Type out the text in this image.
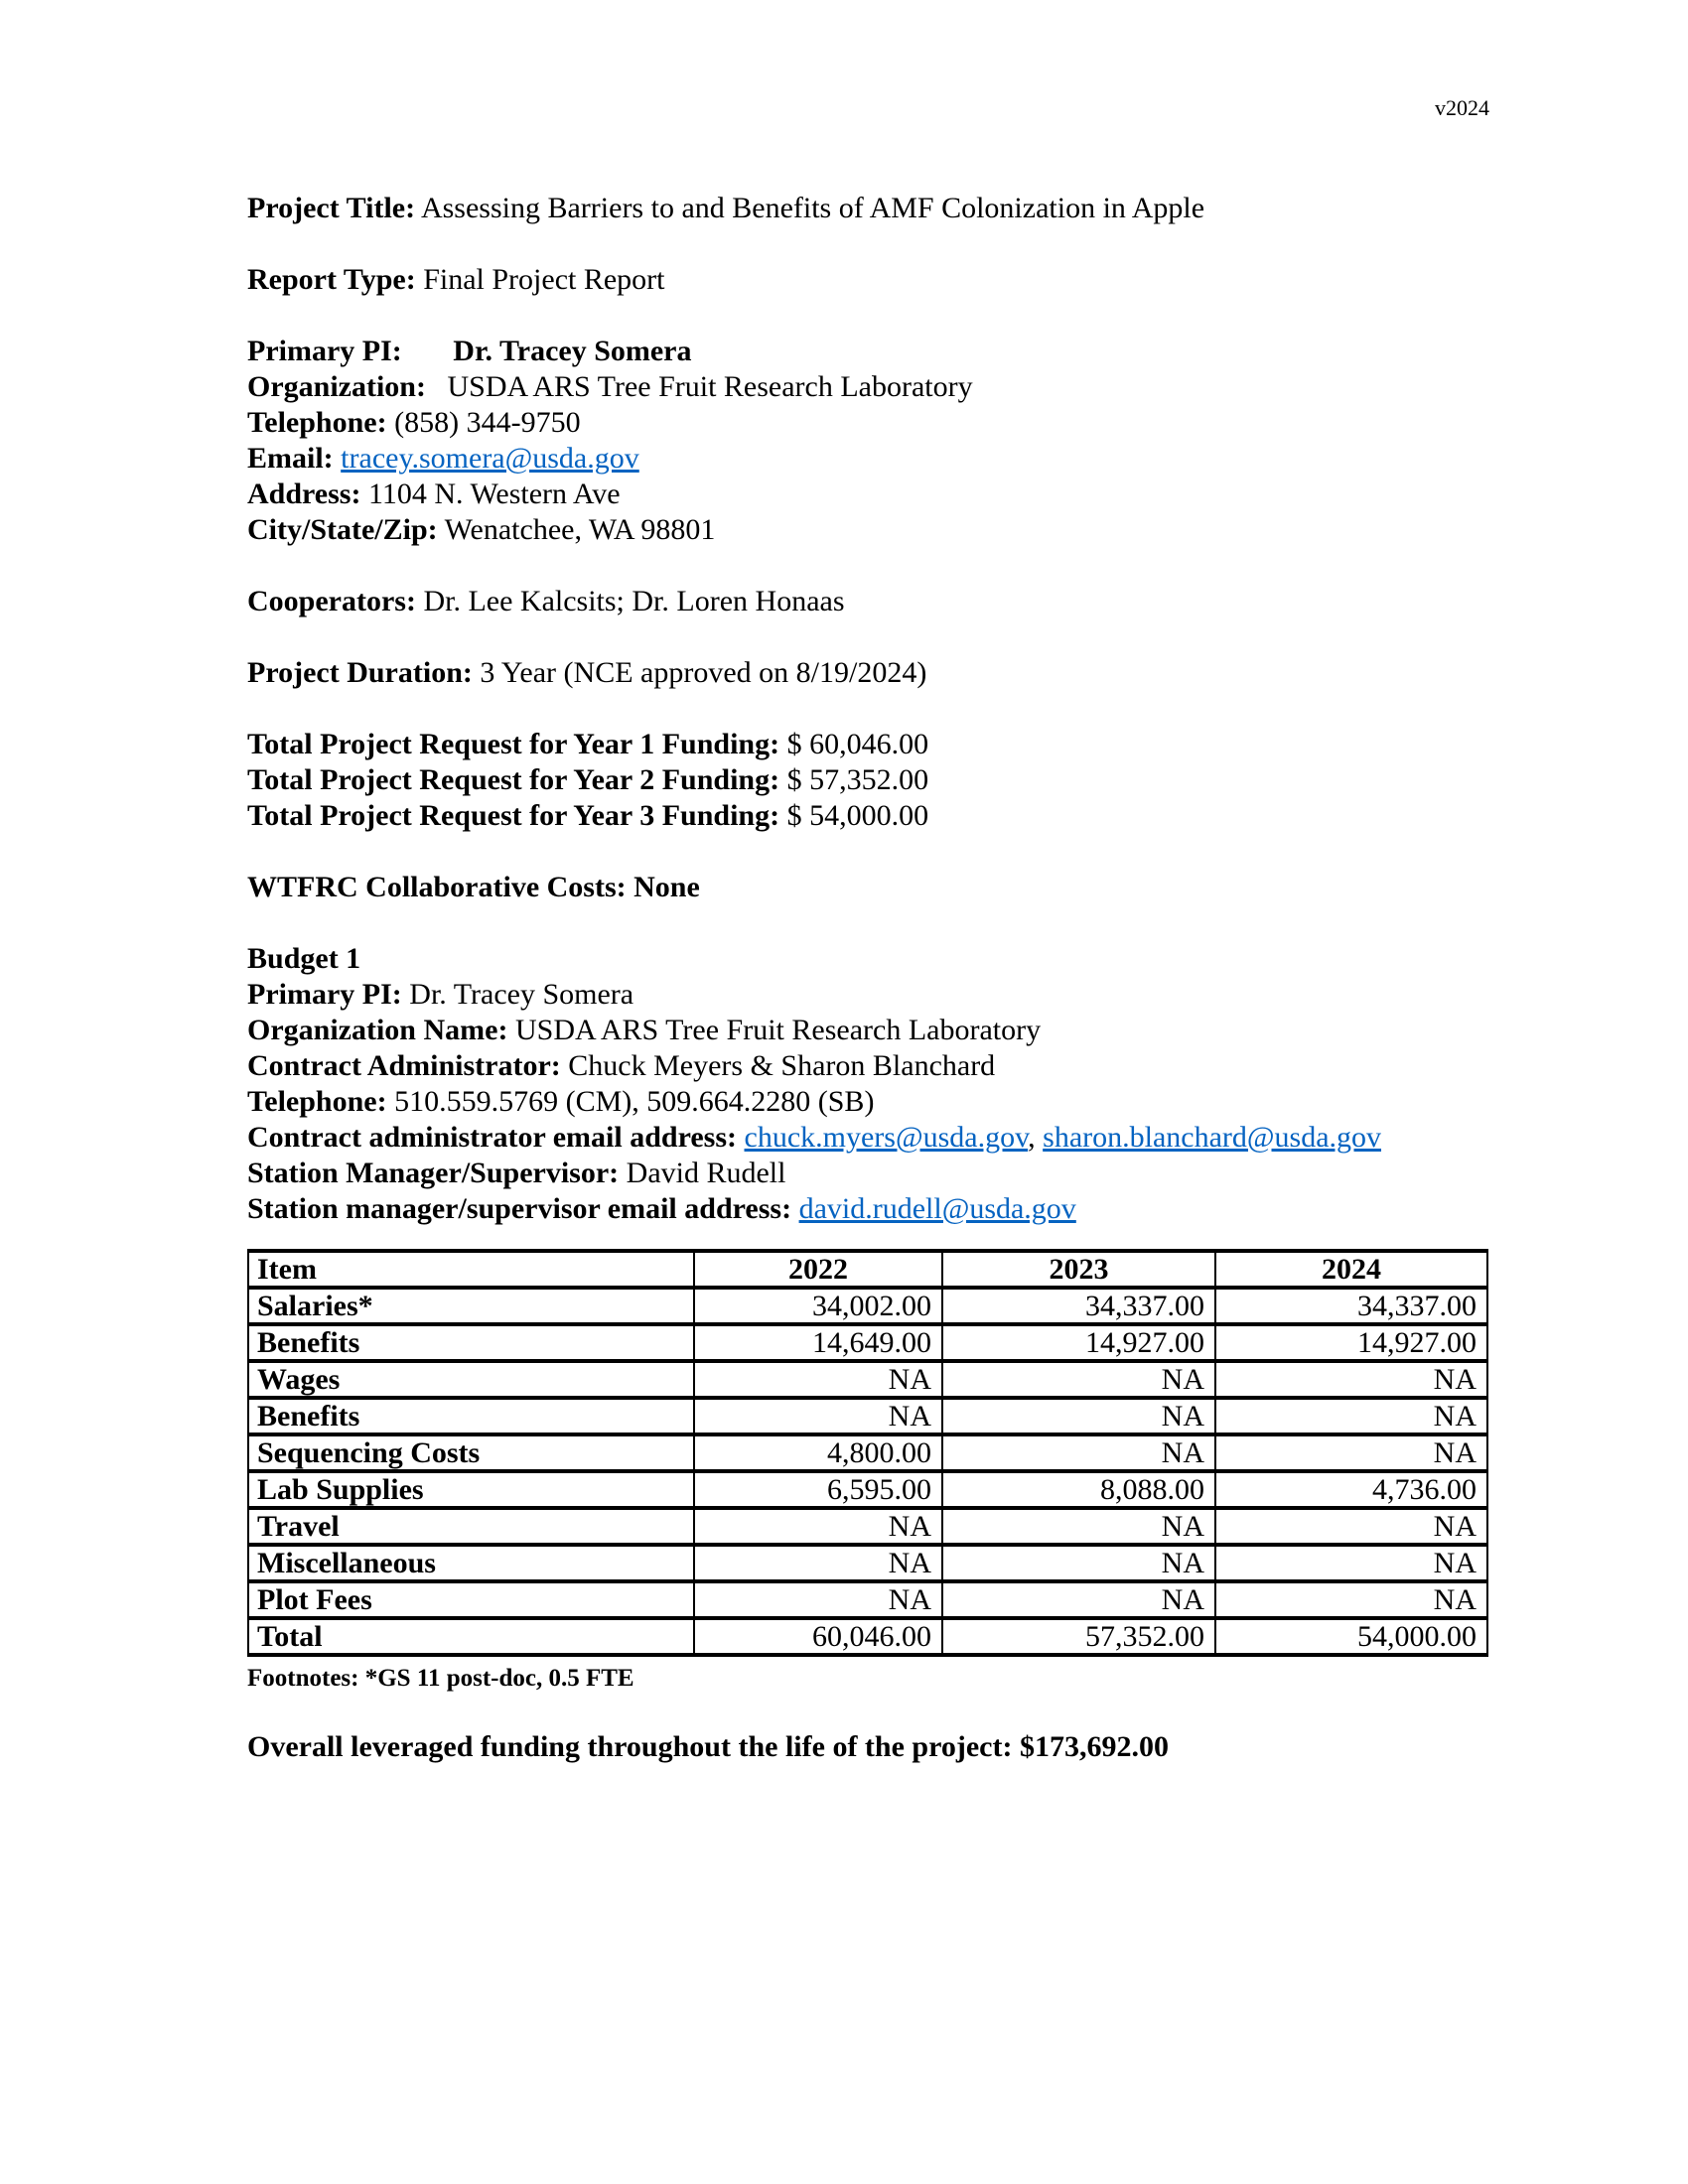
v2024
Project Title: Assessing Barriers to and Benefits of AMF Colonization in Apple
Report Type: Final Project Report
Primary PI: Dr. Tracey Somera
Organization: USDA ARS Tree Fruit Research Laboratory
Telephone: (858) 344-9750
Email: tracey.somera@usda.gov
Address: 1104 N. Western Ave
City/State/Zip: Wenatchee, WA 98801
Cooperators: Dr. Lee Kalcsits; Dr. Loren Honaas
Project Duration: 3 Year (NCE approved on 8/19/2024)
Total Project Request for Year 1 Funding: $ 60,046.00
Total Project Request for Year 2 Funding: $ 57,352.00
Total Project Request for Year 3 Funding: $ 54,000.00
WTFRC Collaborative Costs: None
Budget 1
Primary PI: Dr. Tracey Somera
Organization Name: USDA ARS Tree Fruit Research Laboratory
Contract Administrator: Chuck Meyers & Sharon Blanchard
Telephone: 510.559.5769 (CM), 509.664.2280 (SB)
Contract administrator email address: chuck.myers@usda.gov, sharon.blanchard@usda.gov
Station Manager/Supervisor: David Rudell
Station manager/supervisor email address: david.rudell@usda.gov
Item	2022	2023	2024
Salaries*	34,002.00	34,337.00	34,337.00
Benefits	14,649.00	14,927.00	14,927.00
Wages	NA	NA	NA
Benefits	NA	NA	NA
Sequencing Costs	4,800.00	NA	NA
Lab Supplies	6,595.00	8,088.00	4,736.00
Travel	NA	NA	NA
Miscellaneous	NA	NA	NA
Plot Fees	NA	NA	NA
Total	60,046.00	57,352.00	54,000.00
Footnotes: *GS 11 post-doc, 0.5 FTE
Overall leveraged funding throughout the life of the project: $173,692.00
